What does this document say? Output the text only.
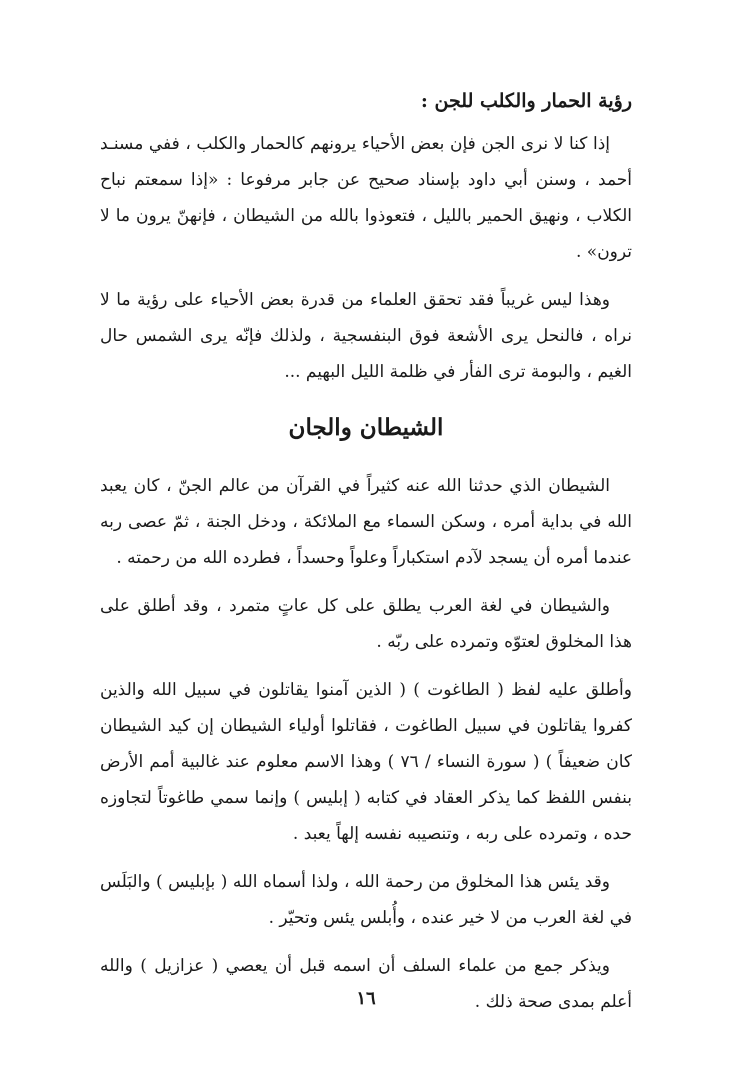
رؤية الحمار والكلب للجن :

إذا كنا لا نرى الجن فإن بعض الأحياء يرونهم كالحمار والكلب ، ففي مسنـد أحمد ، وسنن أبي داود بإسناد صحيح عن جابر مرفوعا : «إذا سمعتم نباح الكلاب ، ونهيق الحمير بالليل ، فتعوذوا بالله من الشيطان ، فإنهنّ يرون ما لا ترون» .

وهذا ليس غريباً فقد تحقق العلماء من قدرة بعض الأحياء على رؤية ما لا نراه ، فالنحل يرى الأشعة فوق البنفسجية ، ولذلك فإنّه يرى الشمس حال الغيم ، والبومة ترى الفأر في ظلمة الليل البهيم ...

الشيطان والجان

الشيطان الذي حدثنا الله عنه كثيراً في القرآن من عالم الجنّ ، كان يعبد الله في بداية أمره ، وسكن السماء مع الملائكة ، ودخل الجنة ، ثمّ عصى ربه عندما أمره أن يسجد لآدم استكباراً وعلواً وحسداً ، فطرده الله من رحمته .

والشيطان في لغة العرب يطلق على كل عاتٍ متمرد ، وقد أطلق على هذا المخلوق لعتوّه وتمرده على ربّه .

وأطلق عليه لفظ ( الطاغوت ) ( الذين آمنوا يقاتلون في سبيل الله والذين كفروا يقاتلون في سبيل الطاغوت ، فقاتلوا أولياء الشيطان إن كيد الشيطان كان ضعيفاً ) ( سورة النساء / ٧٦ ) وهذا الاسم معلوم عند غالبية أمم الأرض بنفس اللفظ كما يذكر العقاد في كتابه ( إبليس ) وإنما سمي طاغوتاً لتجاوزه حده ، وتمرده على ربه ، وتنصيبه نفسه إلهاً يعبد .

وقد يئس هذا المخلوق من رحمة الله ، ولذا أسماه الله ( بإبليس ) والبَلَس في لغة العرب من لا خير عنده ، وأُبلس يئس وتحيّر .

ويذكر جمع من علماء السلف أن اسمه قبل أن يعصي ( عزازيل ) والله أعلم بمدى صحة ذلك .

١٦
